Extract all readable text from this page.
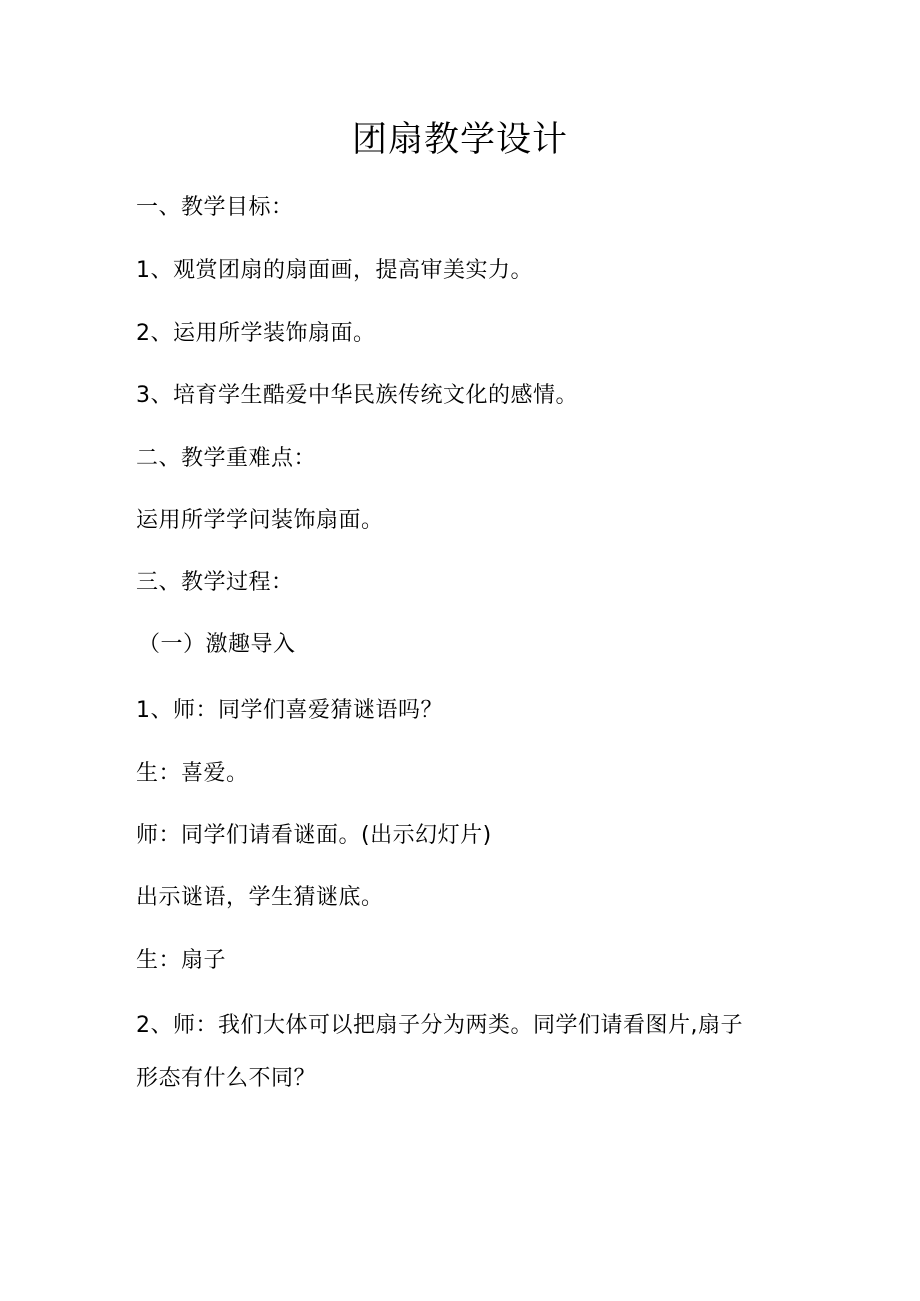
团扇教学设计
一、教学目标：
1、观赏团扇的扇面画，提高审美实力。
2、运用所学装饰扇面。
3、培育学生酷爱中华民族传统文化的感情。
二、教学重难点：
运用所学学问装饰扇面。
三、教学过程：
（一）激趣导入
1、师：同学们喜爱猜谜语吗？
生：喜爱。
师：同学们请看谜面。(出示幻灯片)
出示谜语，学生猜谜底。
生：扇子
2、师：我们大体可以把扇子分为两类。同学们请看图片,扇子
形态有什么不同？
